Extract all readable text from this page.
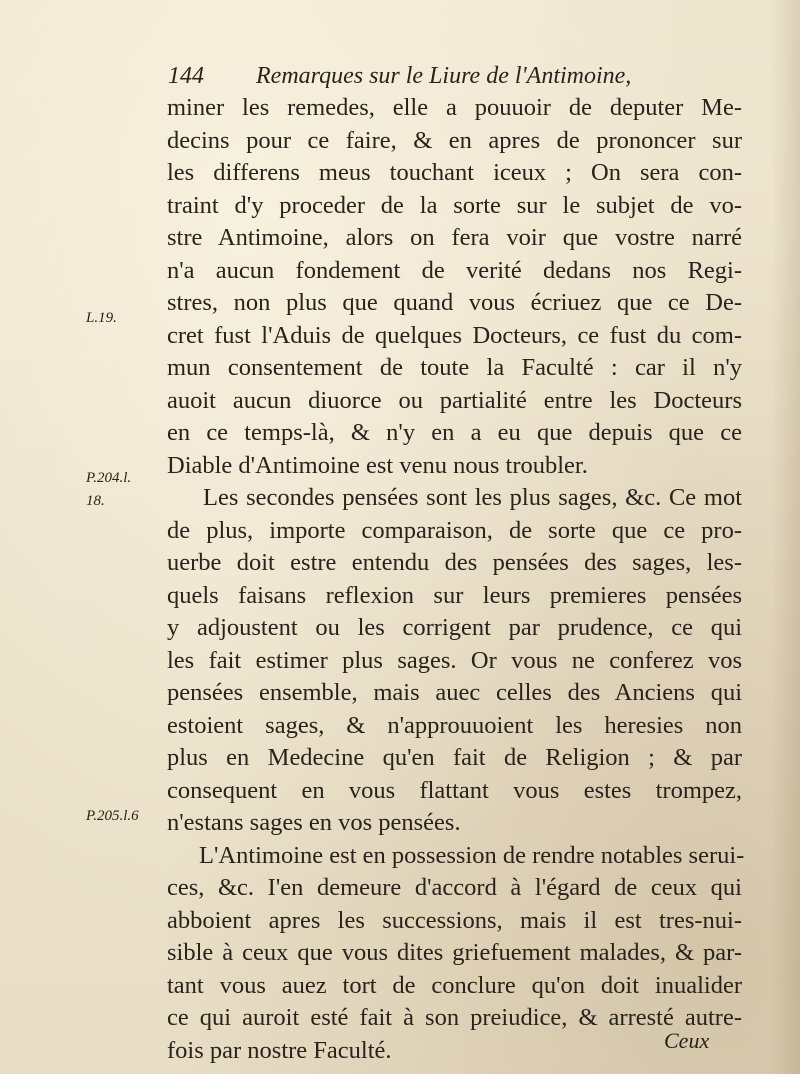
144 Remarques sur le Liure de l'Antimoine,
L.19.
P.204.l.
18.
P.205.l.6
miner les remedes, elle a pouuoir de deputer Me-
decins pour ce faire, & en apres de prononcer sur
les differens meus touchant iceux ; On sera con-
traint d'y proceder de la sorte sur le subjet de vo-
stre Antimoine, alors on fera voir que vostre narré
n'a aucun fondement de verité dedans nos Regi-
stres, non plus que quand vous écriuez que ce De-
cret fust l'Aduis de quelques Docteurs, ce fust du com-
mun consentement de toute la Faculté : car il n'y
auoit aucun diuorce ou partialité entre les Docteurs
en ce temps-là, & n'y en a eu que depuis que ce
Diable d'Antimoine est venu nous troubler.
Les secondes pensées sont les plus sages, &c. Ce mot
de plus, importe comparaison, de sorte que ce pro-
uerbe doit estre entendu des pensées des sages, les-
quels faisans reflexion sur leurs premieres pensées
y adjoustent ou les corrigent par prudence, ce qui
les fait estimer plus sages. Or vous ne conferez vos
pensées ensemble, mais auec celles des Anciens qui
estoient sages, & n'approuuoient les heresies non
plus en Medecine qu'en fait de Religion ; & par
consequent en vous flattant vous estes trompez,
n'estans sages en vos pensées.
L'Antimoine est en possession de rendre notables serui-
ces, &c. I'en demeure d'accord à l'égard de ceux qui
abboient apres les successions, mais il est tres-nui-
sible à ceux que vous dites griefuement malades, & par-
tant vous auez tort de conclure qu'on doit inualider
ce qui auroit esté fait à son preiudice, & arresté autre-
fois par nostre Faculté.	Ceux
